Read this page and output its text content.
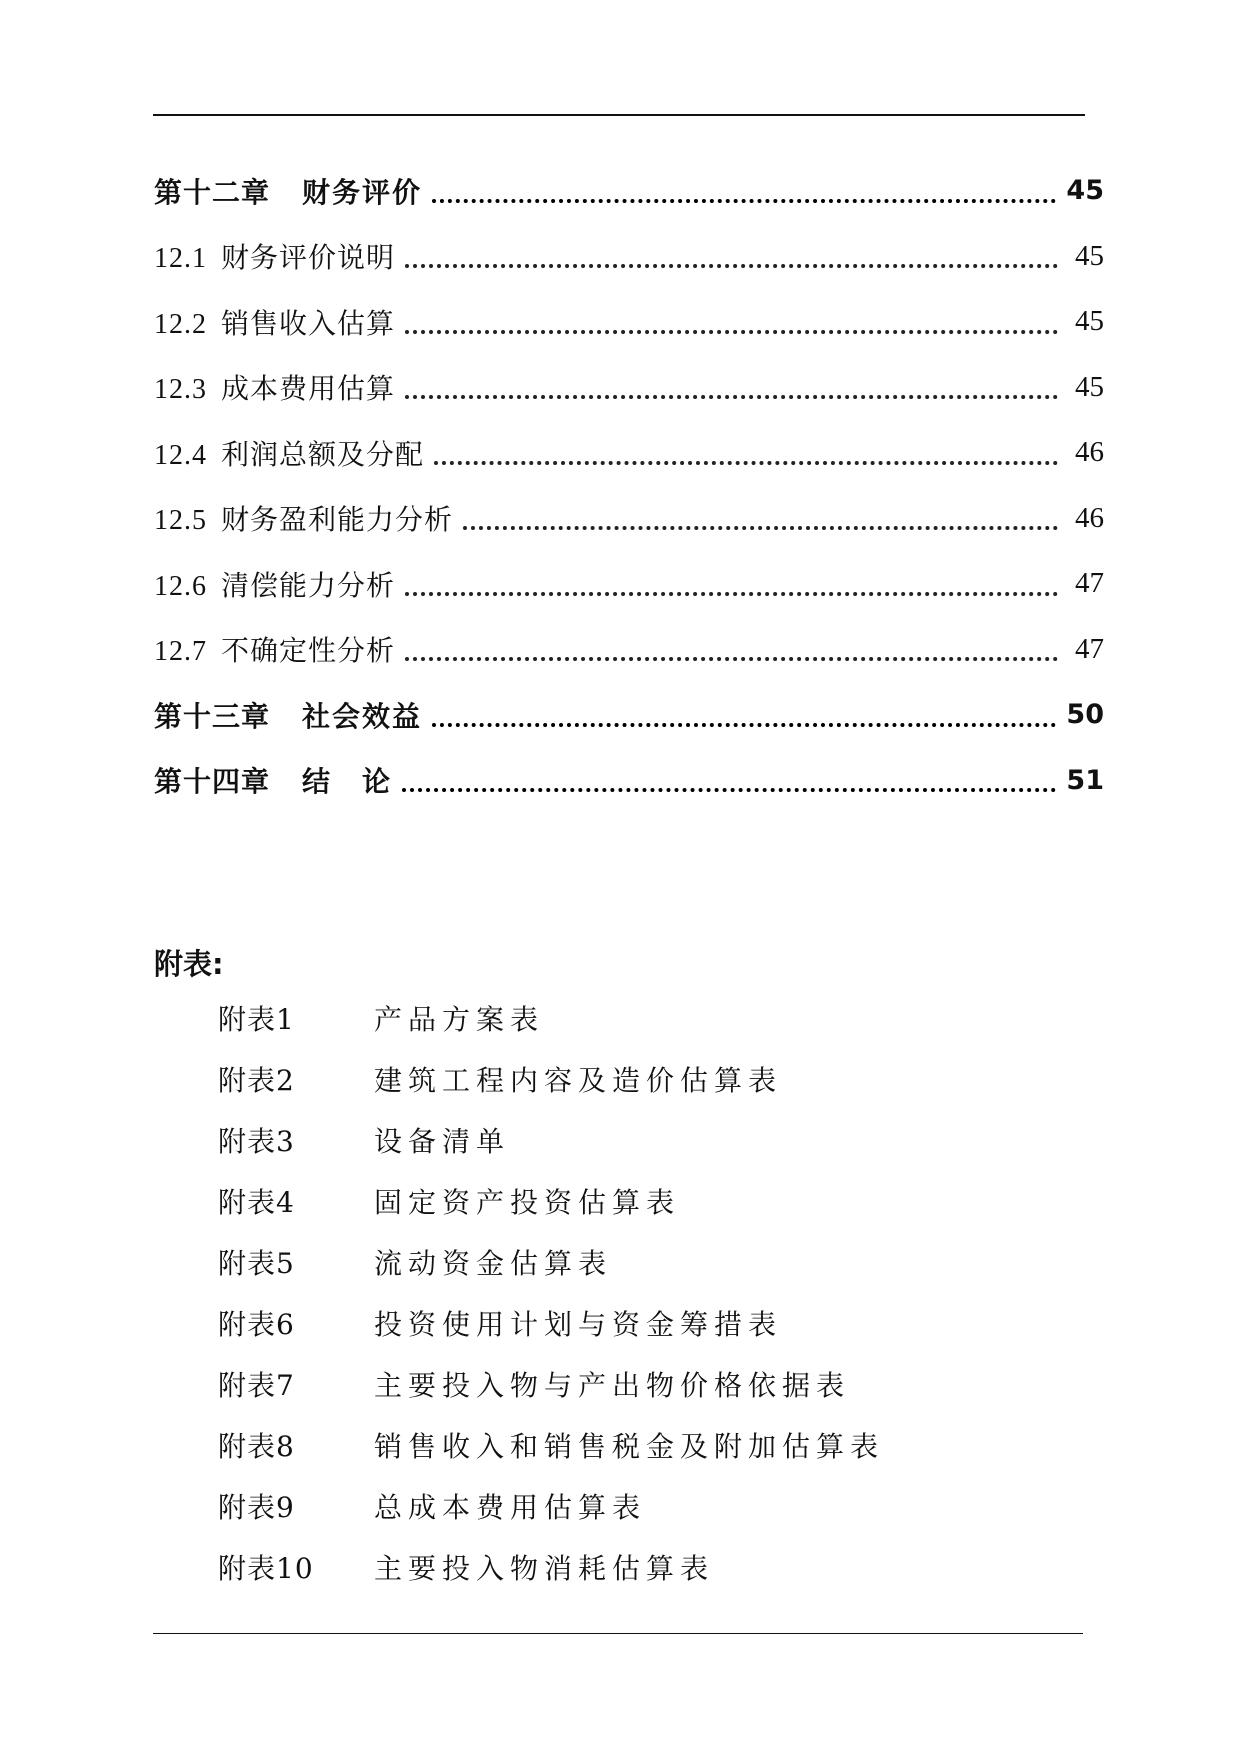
第十二章 财务评价	45
12.1 财务评价说明	45
12.2 销售收入估算	45
12.3 成本费用估算	45
12.4 利润总额及分配	46
12.5 财务盈利能力分析	46
12.6 清偿能力分析	47
12.7 不确定性分析	47
第十三章 社会效益	50
第十四章 结　论	51
附表:
附表1	产品方案表
附表2	建筑工程内容及造价估算表
附表3	设备清单
附表4	固定资产投资估算表
附表5	流动资金估算表
附表6	投资使用计划与资金筹措表
附表7	主要投入物与产出物价格依据表
附表8	销售收入和销售税金及附加估算表
附表9	总成本费用估算表
附表10	主要投入物消耗估算表
